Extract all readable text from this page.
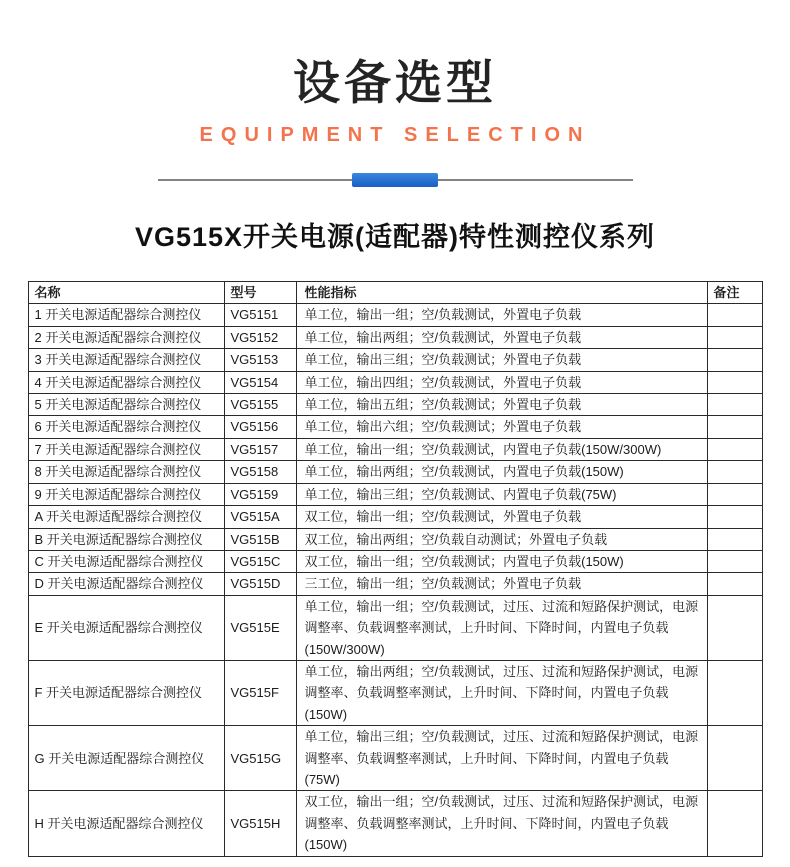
设备选型
EQUIPMENT SELECTION
VG515X开关电源(适配器)特性测控仪系列
名称	型号	性能指标	备注
1 开关电源适配器综合测控仪	VG5151	单工位，输出一组；空/负载测试，外置电子负载	
2 开关电源适配器综合测控仪	VG5152	单工位，输出两组；空/负载测试，外置电子负载	
3 开关电源适配器综合测控仪	VG5153	单工位，输出三组；空/负载测试；外置电子负载	
4 开关电源适配器综合测控仪	VG5154	单工位，输出四组；空/负载测试，外置电子负载	
5 开关电源适配器综合测控仪	VG5155	单工位，输出五组；空/负载测试；外置电子负载	
6 开关电源适配器综合测控仪	VG5156	单工位，输出六组；空/负载测试；外置电子负载	
7 开关电源适配器综合测控仪	VG5157	单工位，输出一组；空/负载测试，内置电子负载(150W/300W)	
8 开关电源适配器综合测控仪	VG5158	单工位，输出两组；空/负载测试，内置电子负载(150W)	
9 开关电源适配器综合测控仪	VG5159	单工位，输出三组；空/负载测试、内置电子负载(75W)	
A 开关电源适配器综合测控仪	VG515A	双工位，输出一组；空/负载测试，外置电子负载	
B 开关电源适配器综合测控仪	VG515B	双工位，输出两组；空/负载自动测试；外置电子负载	
C 开关电源适配器综合测控仪	VG515C	双工位，输出一组；空/负载测试；内置电子负载(150W)	
D 开关电源适配器综合测控仪	VG515D	三工位，输出一组；空/负载测试；外置电子负载	
E 开关电源适配器综合测控仪	VG515E	单工位，输出一组；空/负载测试，过压、过流和短路保护测试，电源调整率、负载调整率测试，上升时间、下降时间，内置电子负载(150W/300W)	
F 开关电源适配器综合测控仪	VG515F	单工位，输出两组；空/负载测试，过压、过流和短路保护测试，电源调整率、负载调整率测试，上升时间、下降时间，内置电子负载(150W)	
G 开关电源适配器综合测控仪	VG515G	单工位，输出三组；空/负载测试，过压、过流和短路保护测试，电源调整率、负载调整率测试，上升时间、下降时间，内置电子负载(75W)	
H 开关电源适配器综合测控仪	VG515H	双工位，输出一组；空/负载测试，过压、过流和短路保护测试，电源调整率、负载调整率测试，上升时间、下降时间，内置电子负载(150W)	
